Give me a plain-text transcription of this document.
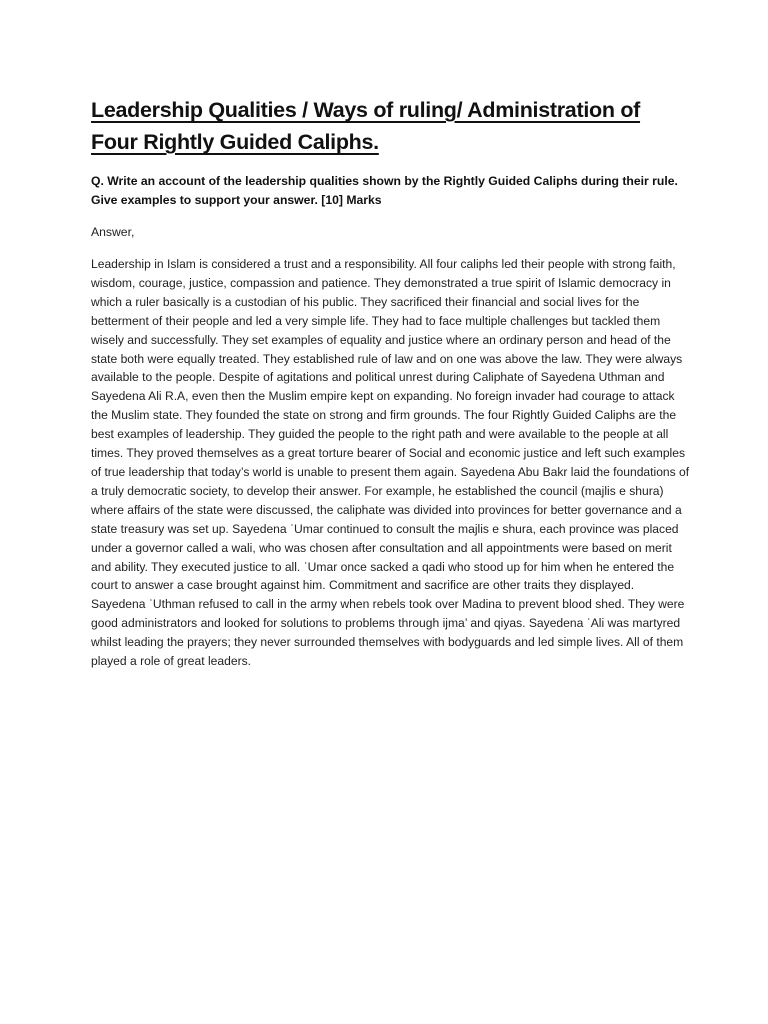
Leadership Qualities / Ways of ruling/ Administration of Four Rightly Guided Caliphs.

Q. Write an account of the leadership qualities shown by the Rightly Guided Caliphs during their rule. Give examples to support your answer. [10] Marks

Answer,

Leadership in Islam is considered a trust and a responsibility. All four caliphs led their people with strong faith, wisdom, courage, justice, compassion and patience. They demonstrated a true spirit of Islamic democracy in which a ruler basically is a custodian of his public. They sacrificed their financial and social lives for the betterment of their people and led a very simple life. They had to face multiple challenges but tackled them wisely and successfully. They set examples of equality and justice where an ordinary person and head of the state both were equally treated. They established rule of law and on one was above the law. They were always available to the people. Despite of agitations and political unrest during Caliphate of Sayedena Uthman and Sayedena Ali R.A, even then the Muslim empire kept on expanding. No foreign invader had courage to attack the Muslim state. They founded the state on strong and firm grounds. The four Rightly Guided Caliphs are the best examples of leadership. They guided the people to the right path and were available to the people at all times. They proved themselves as a great torture bearer of Social and economic justice and left such examples of true leadership that today’s world is unable to present them again. Sayedena Abu Bakr laid the foundations of a truly democratic society, to develop their answer. For example, he established the council (majlis e shura) where affairs of the state were discussed, the caliphate was divided into provinces for better governance and a state treasury was set up. Sayedena ʿUmar continued to consult the majlis e shura, each province was placed under a governor called a wali, who was chosen after consultation and all appointments were based on merit and ability. They executed justice to all. ʿUmar once sacked a qadi who stood up for him when he entered the court to answer a case brought against him. Commitment and sacrifice are other traits they displayed. Sayedena ʿUthman refused to call in the army when rebels took over Madina to prevent blood shed. They were good administrators and looked for solutions to problems through ijma’ and qiyas. Sayedena ʿAli was martyred whilst leading the prayers; they never surrounded themselves with bodyguards and led simple lives. All of them played a role of great leaders.
